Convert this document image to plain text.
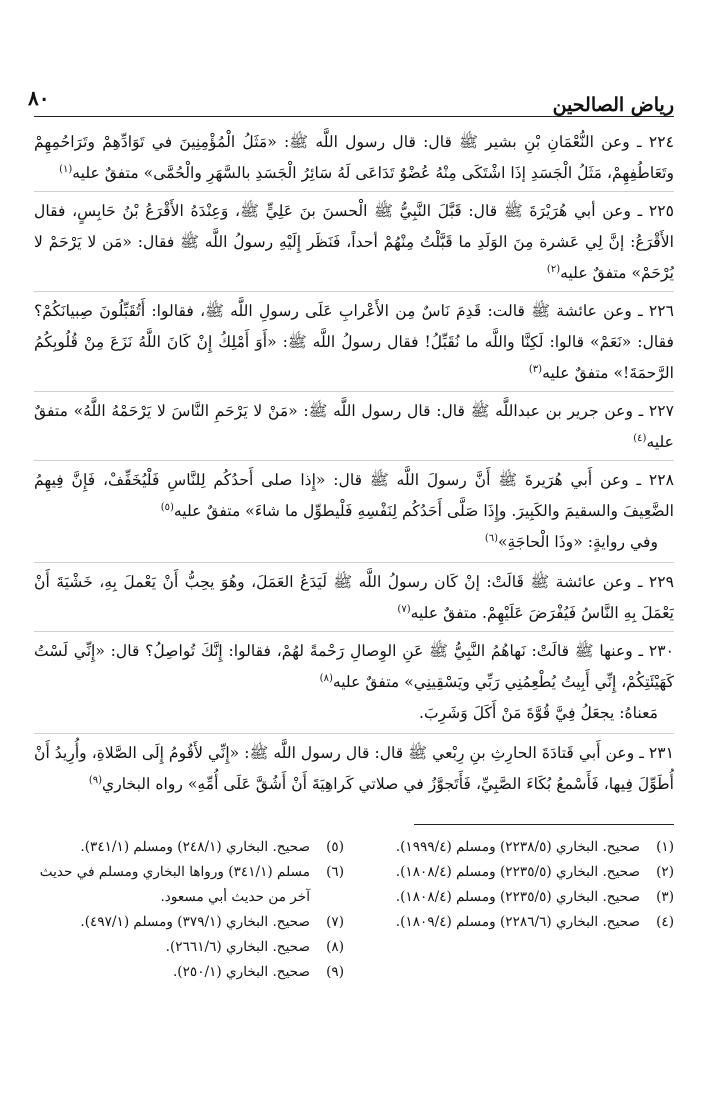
رياض الصالحين
٨٠

٢٢٤ ـ وعن النُّعْمَانِ بْنِ بشير ﷺ قال: قال رسول اللَّه ﷺ: «مَثَلُ الْمُؤْمِنِينَ في تَوَادِّهِمْ وتَرَاحُمِهِمْ وتَعَاطُفِهِمْ، مَثَلُ الْجَسَدِ إذَا اشْتَكَى مِنْهُ عُضْوٌ تَدَاعَى لَهُ سَائِرُ الْجَسَدِ بالسَّهَرِ والْحُمَّى» متفقٌ عليه$^{(١)}$

٢٢٥ ـ وعن أبي هُرَيْرَةَ ﷺ قال: قَبَّلَ النَّبِيُّ ﷺ الْحسنَ بنَ عَلِيٍّ ﷺ، وَعِنْدَهُ الأَقْرَعُ بْنُ حَابِسٍ، فقال الأَقْرَعُ: إنَّ لِي عَشرة مِنَ الوَلَدِ ما قَبَّلْتُ مِنْهُمْ أحداً، فَنَظَر إِلَيْهِ رسولُ اللَّه ﷺ فقال: «مَن لا يَرْحَمْ لا يُرْحَمْ» متفقٌ عليه$^{(٢)}$

٢٢٦ ـ وعن عائشة ﷺ قالت: قَدِمَ نَاسٌ مِن الأَعْرابِ عَلَى رسولِ اللَّه ﷺ، فقالوا: أَتُقَبِّلُونَ صِبيانَكُمْ؟ فقال: «نَعَمْ» قالوا: لَكِنَّا واللَّه ما نُقَبِّلُ! فقال رسولُ اللَّه ﷺ: «أَوَ أَمْلِكُ إِنْ كَانَ اللَّهُ نَزَعَ مِنْ قُلُوبِكُمُ الرَّحمَةَ!» متفقٌ عليه$^{(٣)}$

٢٢٧ ـ وعن جرير بن عبداللَّه ﷺ قال: قال رسول اللَّه ﷺ: «مَنْ لا يَرْحَمِ النَّاسَ لا يَرْحَمْهُ اللَّهُ» متفقٌ عليه$^{(٤)}$

٢٢٨ ـ وعن أَبي هُرَيرةَ ﷺ أَنَّ رسولَ اللَّه ﷺ قال: «إِذا صلى أَحدُكُم لِلنَّاسِ فَلْيُخَفِّفْ، فَإِنَّ فِيهِمُ الضَّعِيفَ والسقيمَ والكَبِيرَ. وإِذَا صَلَّى أَحَدُكُم لِنَفْسِهِ فَلْيطوِّل ما شاءَ» متفقٌ عليه$^{(٥)}$

وفي روايةٍ: «وذَا الْحاجَةِ»$^{(٦)}$

٢٢٩ ـ وعن عائشة ﷺ قَالَتْ: إنْ كَان رسولُ اللَّه ﷺ لَيَدَعُ العَمَلَ، وهُوَ يحِبُّ أَنْ يَعْملَ بِهِ، خَشْيَةَ أَنْ يَعْمَلَ بِهِ النَّاسُ فَيُفْرَضَ عَلَيْهِمْ. متفقٌ عليه$^{(٧)}$

٢٣٠ ـ وعنها ﷺ قالَتْ: نَهاهُمُ النَّبِيُّ ﷺ عَنِ الوِصالِ رَحْمةً لهُمْ، فقالوا: إِنَّكَ تُواصِلُ؟ قال: «إِنِّي لَسْتُ كَهَيْئَتِكُمْ، إِنِّي أَبِيتُ يُطْعِمُنِي رَبِّي ويَسْقِينِي» متفقٌ عليه$^{(٨)}$

مَعناهُ: يجعَلُ فِيَّ قُوَّةَ مَنْ أَكَلَ وَشَرِبَ.

٢٣١ ـ وعن أَبي قَتادَةَ الحارِثِ بنِ رِبْعي ﷺ قال: قال رسول اللَّه ﷺ: «إِنِّي لأَقُومُ إِلَى الصَّلاةِ، وأُرِيدُ أَنْ أُطَوِّلَ فِيها، فَأَسْمعُ بُكَاءَ الصَّبِيِّ، فَأَتَجوَّزُ في صلاتي كَراهِيَةَ أَنْ أَشُقَّ عَلَى أُمِّهِ» رواه البخاري$^{(٩)}$

(١)
صحيح. البخاري (٢٢٣٨/٥) ومسلم (١٩٩٩/٤).
(٢)
صحيح. البخاري (٢٢٣٥/٥) ومسلم (١٨٠٨/٤).
(٣)
صحيح. البخاري (٢٢٣٥/٥) ومسلم (١٨٠٨/٤).
(٤)
صحيح. البخاري (٢٢٨٦/٦) ومسلم (١٨٠٩/٤).
(٥)
صحيح. البخاري (٢٤٨/١) ومسلم (٣٤١/١).
(٦)
مسلم (٣٤١/١) ورواها البخاري ومسلم في حديث آخر من حديث أبي مسعود.
(٧)
صحيح. البخاري (٣٧٩/١) ومسلم (٤٩٧/١).
(٨)
صحيح. البخاري (٢٦٦١/٦).
(٩)
صحيح. البخاري (٢٥٠/١).
